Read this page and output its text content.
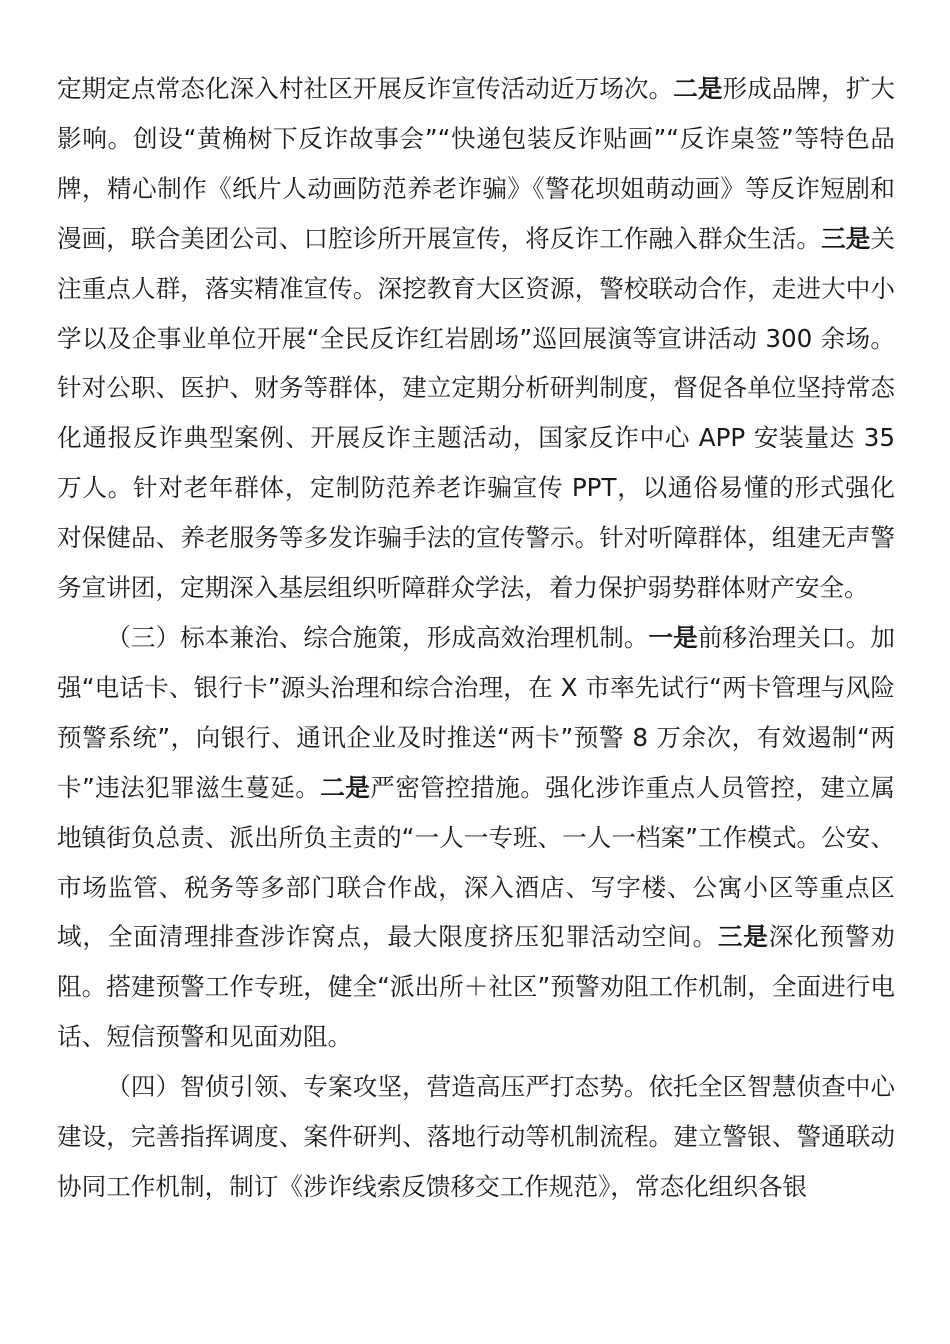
定期定点常态化深入村社区开展反诈宣传活动近万场次。二是形成品牌，扩大影响。创设“黄桷树下反诈故事会”“快递包装反诈贴画”“反诈桌签”等特色品牌，精心制作《纸片人动画防范养老诈骗》《警花坝姐萌动画》等反诈短剧和漫画，联合美团公司、口腔诊所开展宣传，将反诈工作融入群众生活。三是关注重点人群，落实精准宣传。深挖教育大区资源，警校联动合作，走进大中小学以及企事业单位开展“全民反诈红岩剧场”巡回展演等宣讲活动 300 余场。针对公职、医护、财务等群体，建立定期分析研判制度，督促各单位坚持常态化通报反诈典型案例、开展反诈主题活动，国家反诈中心 APP 安装量达 35 万人。针对老年群体，定制防范养老诈骗宣传 PPT，以通俗易懂的形式强化对保健品、养老服务等多发诈骗手法的宣传警示。针对听障群体，组建无声警务宣讲团，定期深入基层组织听障群众学法，着力保护弱势群体财产安全。

（三）标本兼治、综合施策，形成高效治理机制。一是前移治理关口。加强“电话卡、银行卡”源头治理和综合治理，在 X 市率先试行“两卡管理与风险预警系统”，向银行、通讯企业及时推送“两卡”预警 8 万余次，有效遏制“两卡”违法犯罪滋生蔓延。二是严密管控措施。强化涉诈重点人员管控，建立属地镇街负总责、派出所负主责的“一人一专班、一人一档案”工作模式。公安、市场监管、税务等多部门联合作战，深入酒店、写字楼、公寓小区等重点区域，全面清理排查涉诈窝点，最大限度挤压犯罪活动空间。三是深化预警劝阻。搭建预警工作专班，健全“派出所＋社区”预警劝阻工作机制，全面进行电话、短信预警和见面劝阻。

（四）智侦引领、专案攻坚，营造高压严打态势。依托全区智慧侦查中心建设，完善指挥调度、案件研判、落地行动等机制流程。建立警银、警通联动协同工作机制，制订《涉诈线索反馈移交工作规范》，常态化组织各银
